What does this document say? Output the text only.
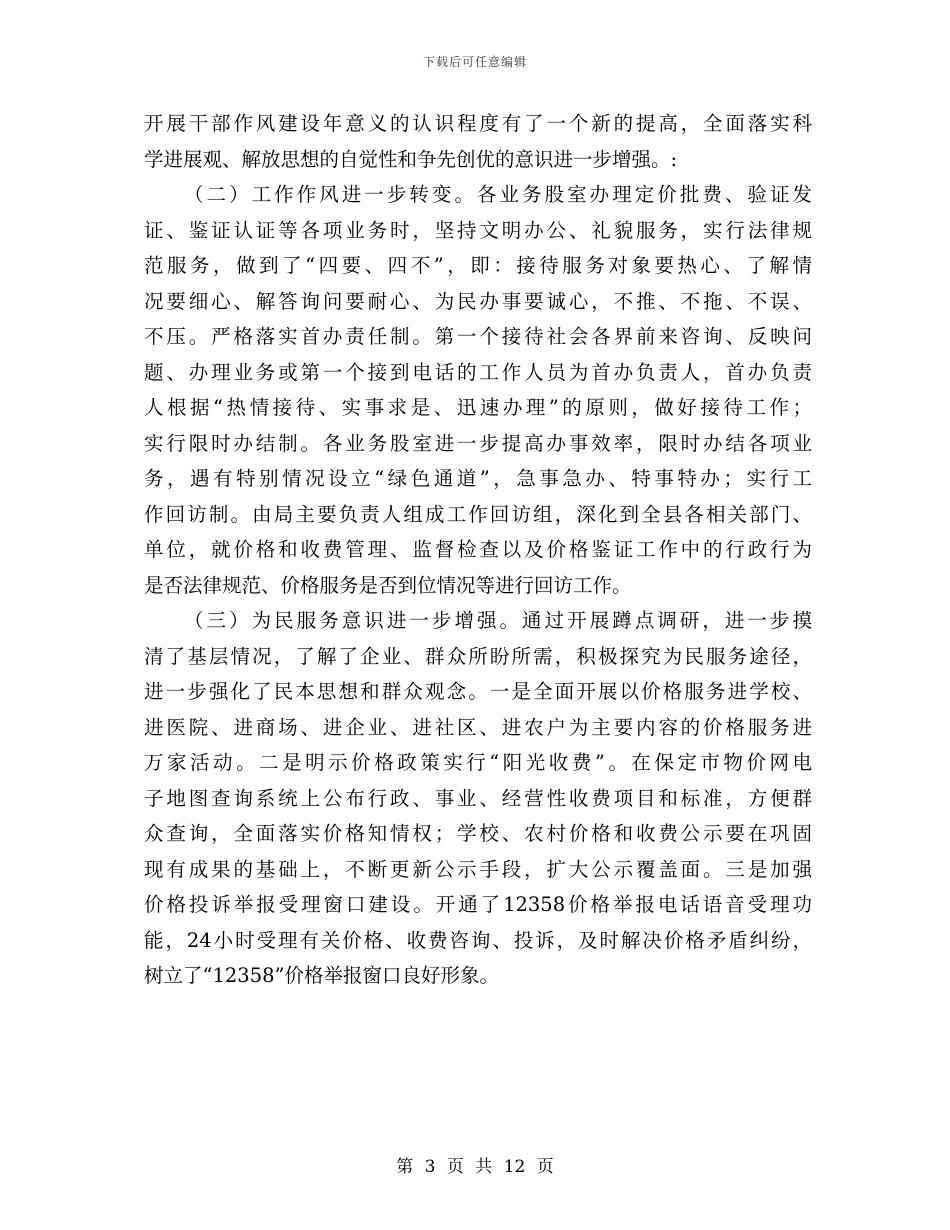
下载后可任意编辑
开展干部作风建设年意义的认识程度有了一个新的提高，全面落实科
学进展观、解放思想的自觉性和争先创优的意识进一步增强。:
（二）工作作风进一步转变。各业务股室办理定价批费、验证发
证、鉴证认证等各项业务时，坚持文明办公、礼貌服务，实行法律规
范服务，做到了“四要、四不”，即：接待服务对象要热心、了解情
况要细心、解答询问要耐心、为民办事要诚心，不推、不拖、不误、
不压。严格落实首办责任制。第一个接待社会各界前来咨询、反映问
题、办理业务或第一个接到电话的工作人员为首办负责人，首办负责
人根据“热情接待、实事求是、迅速办理”的原则，做好接待工作；
实行限时办结制。各业务股室进一步提高办事效率，限时办结各项业
务，遇有特别情况设立“绿色通道”，急事急办、特事特办；实行工
作回访制。由局主要负责人组成工作回访组，深化到全县各相关部门、
单位，就价格和收费管理、监督检查以及价格鉴证工作中的行政行为
是否法律规范、价格服务是否到位情况等进行回访工作。
（三）为民服务意识进一步增强。通过开展蹲点调研，进一步摸
清了基层情况，了解了企业、群众所盼所需，积极探究为民服务途径，
进一步强化了民本思想和群众观念。一是全面开展以价格服务进学校、
进医院、进商场、进企业、进社区、进农户为主要内容的价格服务进
万家活动。二是明示价格政策实行“阳光收费”。在保定市物价网电
子地图查询系统上公布行政、事业、经营性收费项目和标准，方便群
众查询，全面落实价格知情权；学校、农村价格和收费公示要在巩固
现有成果的基础上，不断更新公示手段，扩大公示覆盖面。三是加强
价格投诉举报受理窗口建设。开通了12358价格举报电话语音受理功
能，24小时受理有关价格、收费咨询、投诉，及时解决价格矛盾纠纷，
树立了“12358”价格举报窗口良好形象。
第 3 页 共 12 页
